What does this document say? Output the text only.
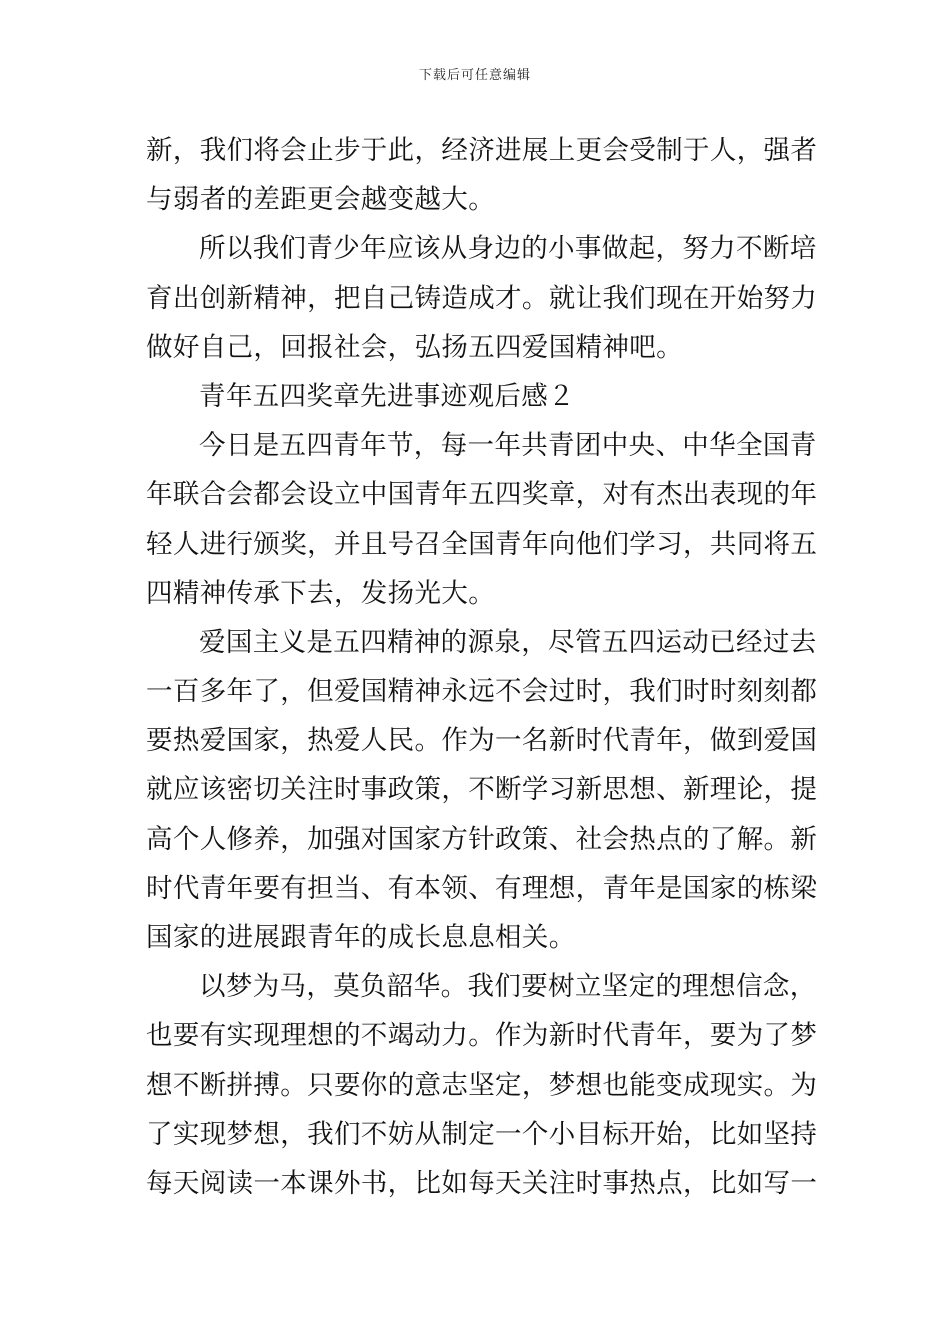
下载后可任意编辑
新，我们将会止步于此，经济进展上更会受制于人，强者
与弱者的差距更会越变越大。
所以我们青少年应该从身边的小事做起，努力不断培
育出创新精神，把自己铸造成才。就让我们现在开始努力
做好自己，回报社会，弘扬五四爱国精神吧。
青年五四奖章先进事迹观后感２
今日是五四青年节，每一年共青团中央、中华全国青
年联合会都会设立中国青年五四奖章，对有杰出表现的年
轻人进行颁奖，并且号召全国青年向他们学习，共同将五
四精神传承下去，发扬光大。
爱国主义是五四精神的源泉，尽管五四运动已经过去
一百多年了，但爱国精神永远不会过时，我们时时刻刻都
要热爱国家，热爱人民。作为一名新时代青年，做到爱国
就应该密切关注时事政策，不断学习新思想、新理论，提
高个人修养，加强对国家方针政策、社会热点的了解。新
时代青年要有担当、有本领、有理想，青年是国家的栋梁
国家的进展跟青年的成长息息相关。
以梦为马，莫负韶华。我们要树立坚定的理想信念，
也要有实现理想的不竭动力。作为新时代青年，要为了梦
想不断拼搏。只要你的意志坚定，梦想也能变成现实。为
了实现梦想，我们不妨从制定一个小目标开始，比如坚持
每天阅读一本课外书，比如每天关注时事热点，比如写一
